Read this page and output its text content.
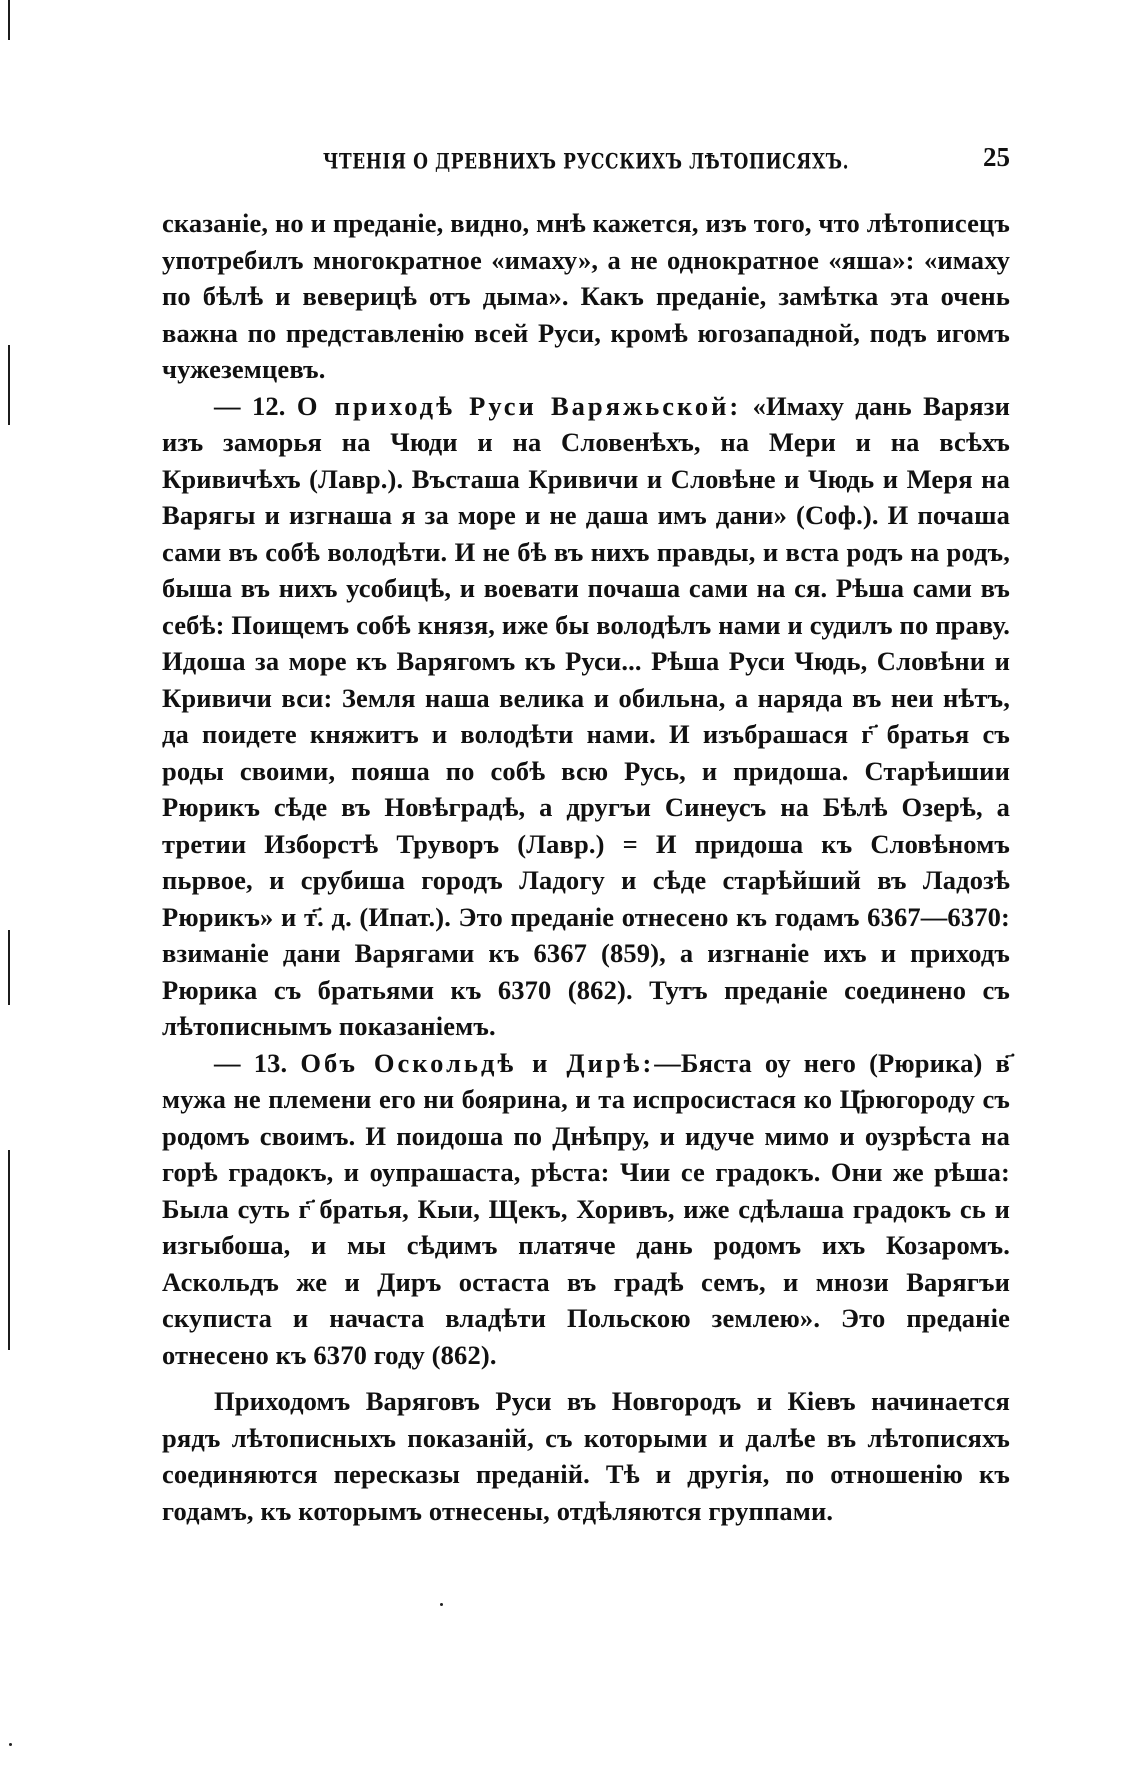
ЧТЕНІЯ О ДРЕВНИХЪ РУССКИХЪ ЛѢТОПИСЯХЪ.	25

сказаніе, но и преданіе, видно, мнѣ кажется, изъ того, что лѣтописецъ употребилъ многократное «имаху», а не однократное «яша»: «имаху по бѣлѣ и веверицѣ отъ дыма». Какъ преданіе, замѣтка эта очень важна по представленію всей Руси, кромѣ югозападной, подъ игомъ чужеземцевъ.

— 12. О приходѣ Руси Варяжьской: «Имаху дань Варязи изъ заморья на Чюди и на Словенѣхъ, на Мери и на всѣхъ Кривичѣхъ (Лавр.). Въсташа Кривичи и Словѣне и Чюдь и Меря на Варягы и изгнаша я за море и не даша имъ дани» (Соф.). И почаша сами въ собѣ володѣти. И не бѣ въ нихъ правды, и вста родъ на родъ, быша въ нихъ усобицѣ, и воевати почаша сами на ся. Рѣша сами въ себѣ: Поищемъ собѣ князя, иже бы володѣлъ нами и судилъ по праву. Идоша за море къ Варягомъ къ Руси... Рѣша Руси Чюдь, Словѣни и Кривичи вси: Земля наша велика и обильна, а наряда въ неи нѣтъ, да поидете княжитъ и володѣти нами. И изъбрашася г҃ братья съ роды своими, пояша по собѣ всю Русь, и придоша. Старѣишии Рюрикъ сѣде въ Новѣградѣ, а другъи Синеусъ на Бѣлѣ Озерѣ, а третии Изборстѣ Труворъ (Лавр.) = И придоша къ Словѣномъ пьрвое, и срубиша городъ Ладогу и сѣде старѣйший въ Ладозѣ Рюрикъ» и т҃. д. (Ипат.). Это преданіе отнесено къ годамъ 6367—6370: взиманіе дани Варягами къ 6367 (859), а изгнаніе ихъ и приходъ Рюрика съ братьями къ 6370 (862). Тутъ преданіе соединено съ лѣтописнымъ показаніемъ.

— 13. Объ Оскольдѣ и Дирѣ:—Бяста оу него (Рюрика) в҃ мужа не племени его ни боярина, и та испросистася ко Ц҃рюгороду съ родомъ своимъ. И поидоша по Днѣпру, и идуче мимо и оузрѣста на горѣ градокъ, и оупрашаста, рѣста: Чии се градокъ. Они же рѣша: Была суть г҃ братья, Кыи, Щекъ, Хоривъ, иже сдѣлаша градокъ сь и изгыбоша, и мы сѣдимъ платяче дань родомъ ихъ Козаромъ. Аскольдъ же и Диръ остаста въ градѣ семъ, и мнози Варягъи скуписта и начаста владѣти Польскою землею». Это преданіе отнесено къ 6370 году (862).

Приходомъ Варяговъ Руси въ Новгородъ и Кіевъ начинается рядъ лѣтописныхъ показаній, съ которыми и далѣе въ лѣтописяхъ соединяются пересказы преданій. Тѣ и другія, по отношенію къ годамъ, къ которымъ отнесены, отдѣляются группами.
